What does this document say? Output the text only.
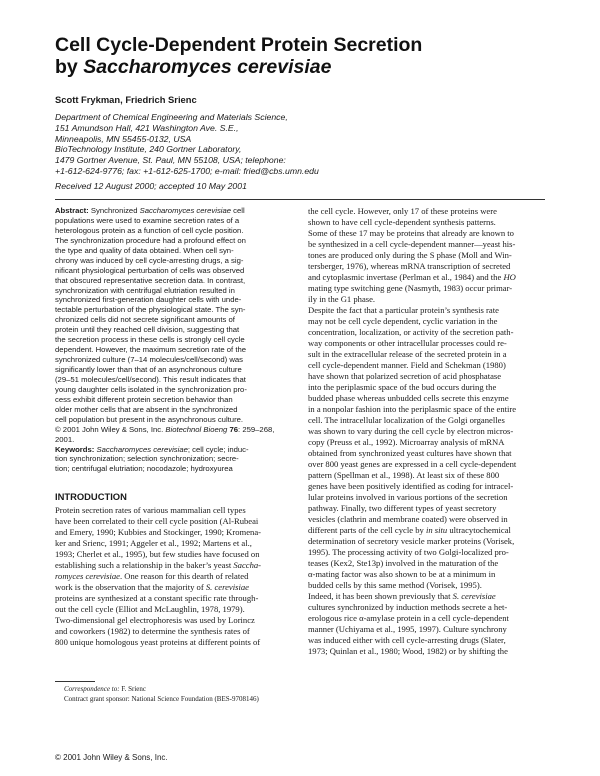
Cell Cycle-Dependent Protein Secretion
by Saccharomyces cerevisiae
Scott Frykman, Friedrich Srienc
Department of Chemical Engineering and Materials Science,
151 Amundson Hall, 421 Washington Ave. S.E.,
Minneapolis, MN 55455-0132, USA
BioTechnology Institute, 240 Gortner Laboratory,
1479 Gortner Avenue, St. Paul, MN 55108, USA; telephone:
+1-612-624-9776; fax: +1-612-625-1700; e-mail: fried@cbs.umn.edu
Received 12 August 2000; accepted 10 May 2001
Abstract: Synchronized Saccharomyces cerevisiae cell
populations were used to examine secretion rates of a
heterologous protein as a function of cell cycle position.
The synchronization procedure had a profound effect on
the type and quality of data obtained. When cell syn-
chrony was induced by cell cycle-arresting drugs, a sig-
nificant physiological perturbation of cells was observed
that obscured representative secretion data. In contrast,
synchronization with centrifugal elutriation resulted in
synchronized first-generation daughter cells with unde-
tectable perturbation of the physiological state. The syn-
chronized cells did not secrete significant amounts of
protein until they reached cell division, suggesting that
the secretion process in these cells is strongly cell cycle
dependent. However, the maximum secretion rate of the
synchronized culture (7–14 molecules/cell/second) was
significantly lower than that of an asynchronous culture
(29–51 molecules/cell/second). This result indicates that
young daughter cells isolated in the synchronization pro-
cess exhibit different protein secretion behavior than
older mother cells that are absent in the synchronized
cell population but present in the asynchronous culture.
© 2001 John Wiley & Sons, Inc. Biotechnol Bioeng 76: 259–268,
2001.
Keywords: Saccharomyces cerevisiae; cell cycle; induc-
tion synchronization; selection synchronization; secre-
tion; centrifugal elutriation; nocodazole; hydroxyurea
INTRODUCTION
Protein secretion rates of various mammalian cell types
have been correlated to their cell cycle position (Al-Rubeai
and Emery, 1990; Kubbies and Stockinger, 1990; Kromena-
ker and Srienc, 1991; Aggeler et al., 1992; Martens et al.,
1993; Cherlet et al., 1995), but few studies have focused on
establishing such a relationship in the baker’s yeast Saccha-
romyces cerevisiae. One reason for this dearth of related
work is the observation that the majority of S. cerevisiae
proteins are synthesized at a constant specific rate through-
out the cell cycle (Elliot and McLaughlin, 1978, 1979).
Two-dimensional gel electrophoresis was used by Lorincz
and coworkers (1982) to determine the synthesis rates of
800 unique homologous yeast proteins at different points of
the cell cycle. However, only 17 of these proteins were
shown to have cell cycle-dependent synthesis patterns.
Some of these 17 may be proteins that already are known to
be synthesized in a cell cycle-dependent manner—yeast his-
tones are produced only during the S phase (Moll and Win-
tersberger, 1976), whereas mRNA transcription of secreted
and cytoplasmic invertase (Perlman et al., 1984) and the HO
mating type switching gene (Nasmyth, 1983) occur primar-
ily in the G1 phase.
Despite the fact that a particular protein’s synthesis rate
may not be cell cycle dependent, cyclic variation in the
concentration, localization, or activity of the secretion path-
way components or other intracellular processes could re-
sult in the extracellular release of the secreted protein in a
cell cycle-dependent manner. Field and Schekman (1980)
have shown that polarized secretion of acid phosphatase
into the periplasmic space of the bud occurs during the
budded phase whereas unbudded cells secrete this enzyme
in a nonpolar fashion into the periplasmic space of the entire
cell. The intracellular localization of the Golgi organelles
was shown to vary during the cell cycle by electron micros-
copy (Preuss et al., 1992). Microarray analysis of mRNA
obtained from synchronized yeast cultures have shown that
over 800 yeast genes are expressed in a cell cycle-dependent
pattern (Spellman et al., 1998). At least six of these 800
genes have been positively identified as coding for intracel-
lular proteins involved in various portions of the secretion
pathway. Finally, two different types of yeast secretory
vesicles (clathrin and membrane coated) were observed in
different parts of the cell cycle by in situ ultracytochemical
determination of secretory vesicle marker proteins (Vorisek,
1995). The processing activity of two Golgi-localized pro-
teases (Kex2, Ste13p) involved in the maturation of the
α-mating factor was also shown to be at a minimum in
budded cells by this same method (Vorisek, 1995).
Indeed, it has been shown previously that S. cerevisiae
cultures synchronized by induction methods secrete a het-
erologous rice α-amylase protein in a cell cycle-dependent
manner (Uchiyama et al., 1995, 1997). Culture synchrony
was induced either with cell cycle-arresting drugs (Slater,
1973; Quinlan et al., 1980; Wood, 1982) or by shifting the
Correspondence to: F. Srienc
Contract grant sponsor: National Science Foundation (BES-9708146)
© 2001 John Wiley & Sons, Inc.
